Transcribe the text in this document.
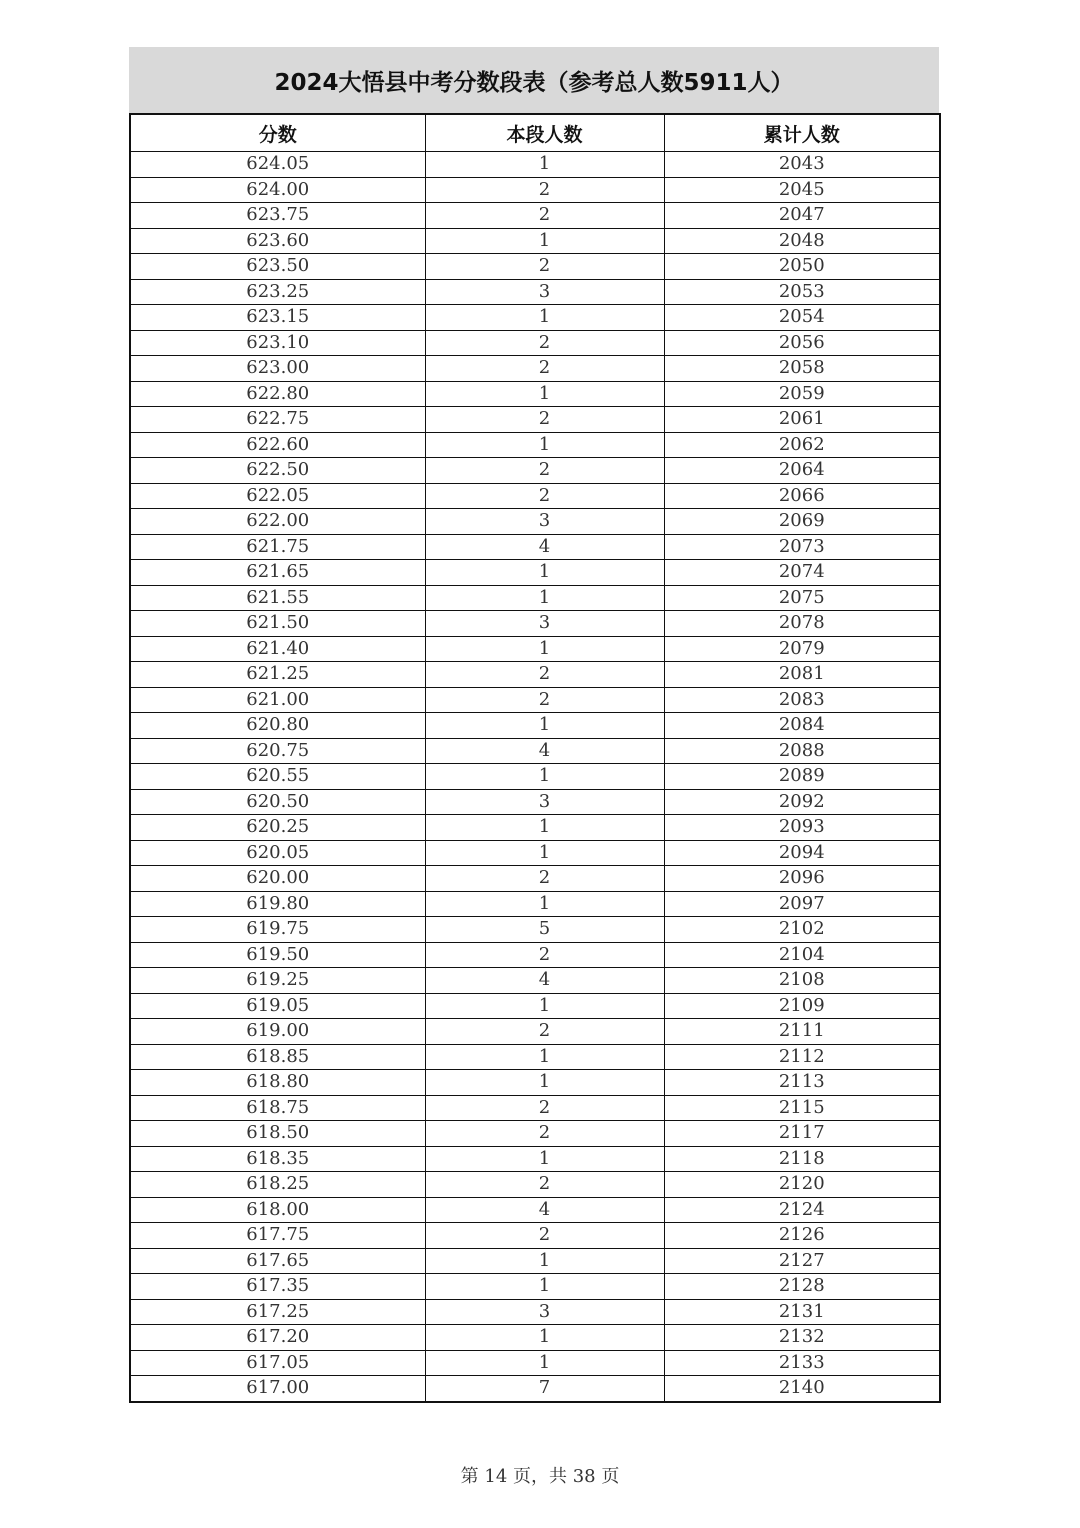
2024大悟县中考分数段表（参考总人数5911人）
分数	本段人数	累计人数
624.05	1	2043
624.00	2	2045
623.75	2	2047
623.60	1	2048
623.50	2	2050
623.25	3	2053
623.15	1	2054
623.10	2	2056
623.00	2	2058
622.80	1	2059
622.75	2	2061
622.60	1	2062
622.50	2	2064
622.05	2	2066
622.00	3	2069
621.75	4	2073
621.65	1	2074
621.55	1	2075
621.50	3	2078
621.40	1	2079
621.25	2	2081
621.00	2	2083
620.80	1	2084
620.75	4	2088
620.55	1	2089
620.50	3	2092
620.25	1	2093
620.05	1	2094
620.00	2	2096
619.80	1	2097
619.75	5	2102
619.50	2	2104
619.25	4	2108
619.05	1	2109
619.00	2	2111
618.85	1	2112
618.80	1	2113
618.75	2	2115
618.50	2	2117
618.35	1	2118
618.25	2	2120
618.00	4	2124
617.75	2	2126
617.65	1	2127
617.35	1	2128
617.25	3	2131
617.20	1	2132
617.05	1	2133
617.00	7	2140
第 14 页，共 38 页
